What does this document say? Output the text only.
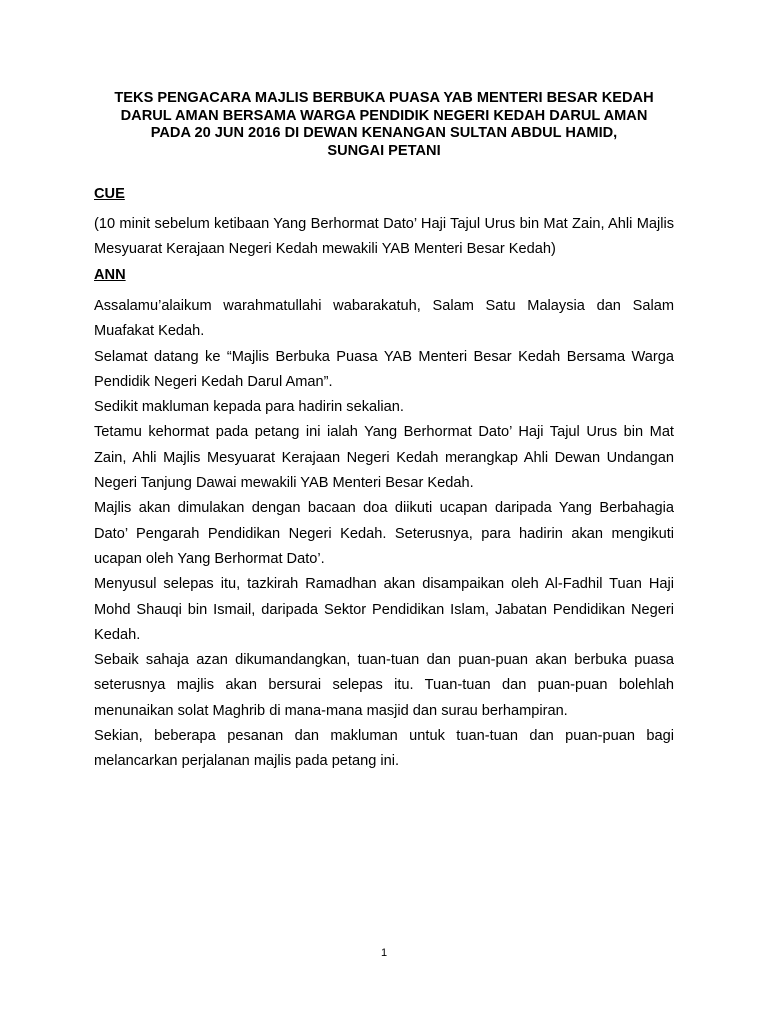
TEKS PENGACARA MAJLIS BERBUKA PUASA YAB MENTERI BESAR KEDAH
DARUL AMAN BERSAMA WARGA PENDIDIK NEGERI KEDAH DARUL AMAN
PADA 20 JUN 2016 DI DEWAN KENANGAN SULTAN ABDUL HAMID,
SUNGAI PETANI
CUE
(10 minit sebelum ketibaan Yang Berhormat Dato’ Haji Tajul Urus bin Mat Zain, Ahli Majlis Mesyuarat Kerajaan Negeri Kedah mewakili YAB Menteri Besar Kedah)
ANN

Assalamu’alaikum warahmatullahi wabarakatuh, Salam Satu Malaysia dan Salam Muafakat Kedah.

Selamat datang ke “Majlis Berbuka Puasa YAB Menteri Besar Kedah Bersama Warga Pendidik Negeri Kedah Darul Aman”.

Sedikit makluman kepada para hadirin sekalian.

Tetamu kehormat pada petang ini ialah Yang Berhormat Dato’ Haji Tajul Urus bin Mat Zain, Ahli Majlis Mesyuarat Kerajaan Negeri Kedah merangkap Ahli Dewan Undangan Negeri Tanjung Dawai mewakili YAB Menteri Besar Kedah.

Majlis akan dimulakan dengan bacaan doa diikuti ucapan daripada Yang Berbahagia Dato’ Pengarah Pendidikan Negeri Kedah. Seterusnya, para hadirin akan mengikuti ucapan oleh Yang Berhormat Dato’.

Menyusul selepas itu, tazkirah Ramadhan akan disampaikan oleh Al-Fadhil Tuan Haji Mohd Shauqi bin Ismail, daripada Sektor Pendidikan Islam, Jabatan Pendidikan Negeri Kedah.

Sebaik sahaja azan dikumandangkan, tuan-tuan dan puan-puan akan berbuka puasa seterusnya majlis akan bersurai selepas itu. Tuan-tuan dan puan-puan bolehlah menunaikan solat Maghrib di mana-mana masjid dan surau berhampiran.

Sekian, beberapa pesanan dan makluman untuk tuan-tuan dan puan-puan bagi melancarkan perjalanan majlis pada petang ini.

1
